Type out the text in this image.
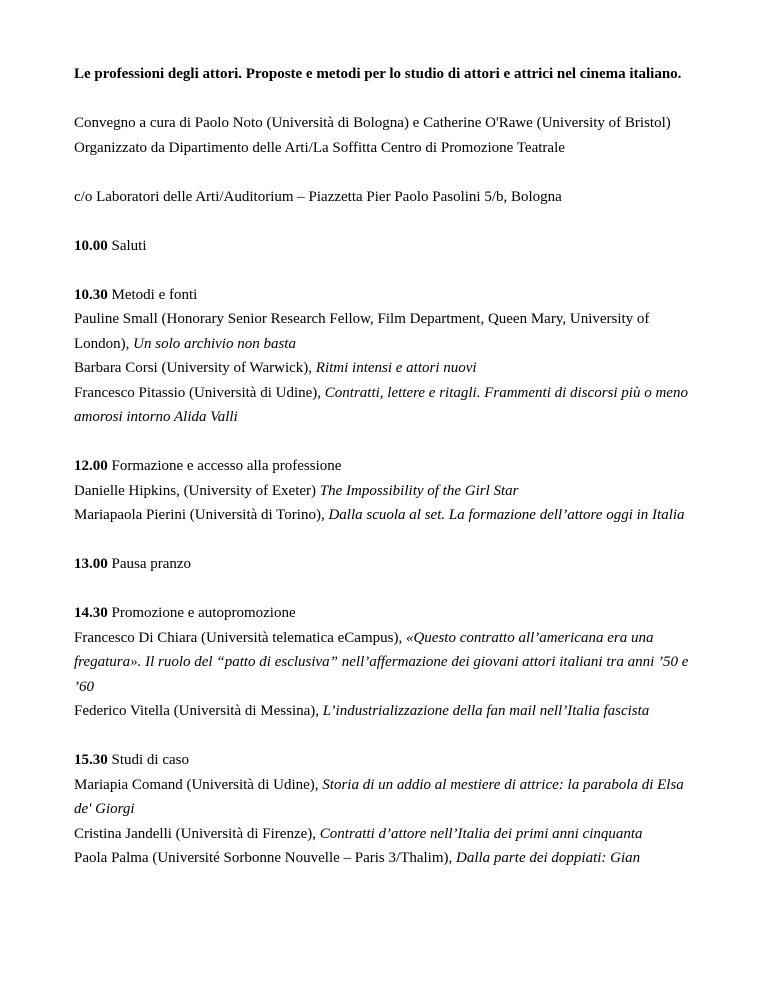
Le professioni degli attori. Proposte e metodi per lo studio di attori e attrici nel cinema italiano.

Convegno a cura di Paolo Noto (Università di Bologna) e Catherine O'Rawe (University of Bristol)

Organizzato da Dipartimento delle Arti/La Soffitta Centro di Promozione Teatrale

c/o Laboratori delle Arti/Auditorium – Piazzetta Pier Paolo Pasolini 5/b, Bologna

10.00 Saluti

10.30 Metodi e fonti

Pauline Small (Honorary Senior Research Fellow, Film Department, Queen Mary, University of London), Un solo archivio non basta

Barbara Corsi (University of Warwick), Ritmi intensi e attori nuovi

Francesco Pitassio (Università di Udine), Contratti, lettere e ritagli. Frammenti di discorsi più o meno amorosi intorno Alida Valli

12.00 Formazione e accesso alla professione

Danielle Hipkins, (University of Exeter) The Impossibility of the Girl Star

Mariapaola Pierini (Università di Torino), Dalla scuola al set. La formazione dell’attore oggi in Italia

13.00 Pausa pranzo

14.30 Promozione e autopromozione

Francesco Di Chiara (Università telematica eCampus), «Questo contratto all’americana era una fregatura». Il ruolo del “patto di esclusiva” nell’affermazione dei giovani attori italiani tra anni ’50 e ’60

Federico Vitella (Università di Messina), L’industrializzazione della fan mail nell’Italia fascista

15.30 Studi di caso

Mariapia Comand (Università di Udine), Storia di un addio al mestiere di attrice: la parabola di Elsa de' Giorgi

Cristina Jandelli (Università di Firenze), Contratti d’attore nell’Italia dei primi anni cinquanta

Paola Palma (Université Sorbonne Nouvelle – Paris 3/Thalim), Dalla parte dei doppiati: Gian
